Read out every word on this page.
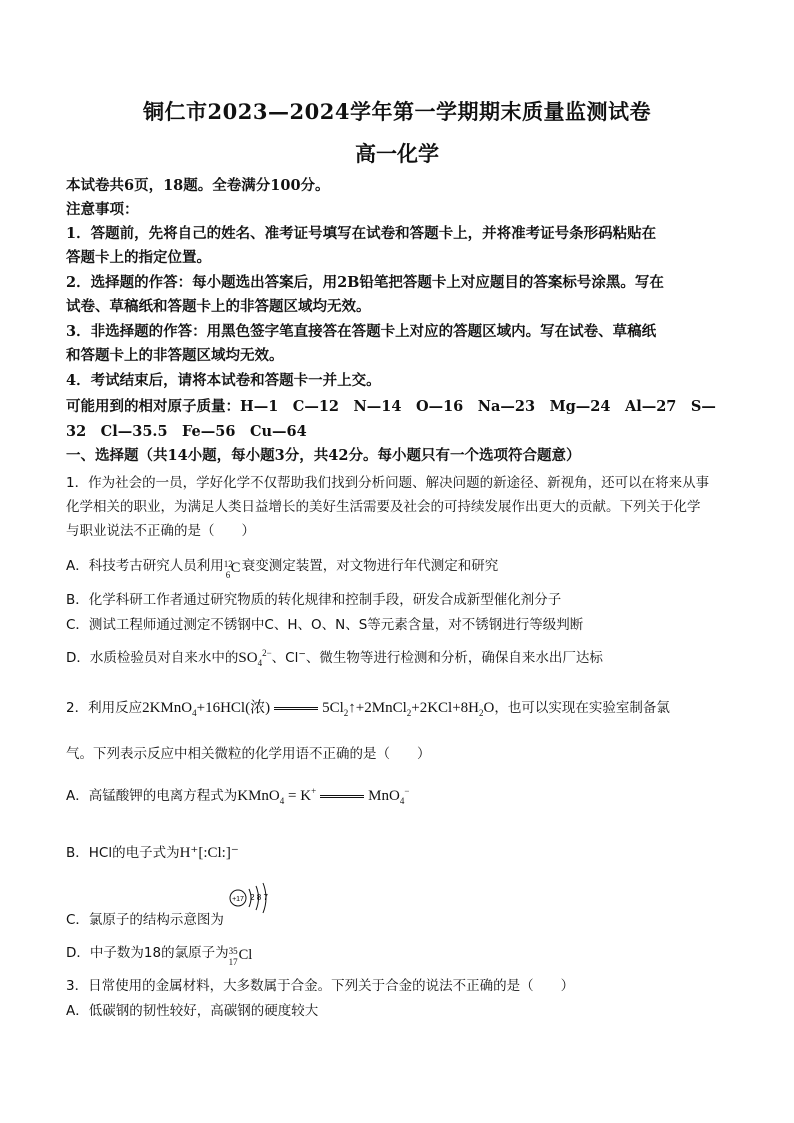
铜仁市2023—2024学年第一学期期末质量监测试卷
高一化学
本试卷共6页，18题。全卷满分100分。
注意事项：
1．答题前，先将自己的姓名、准考证号填写在试卷和答题卡上，并将准考证号条形码粘贴在
答题卡上的指定位置。
2．选择题的作答：每小题选出答案后，用2B铅笔把答题卡上对应题目的答案标号涂黑。写在
试卷、草稿纸和答题卡上的非答题区域均无效。
3．非选择题的作答：用黑色签字笔直接答在答题卡上对应的答题区域内。写在试卷、草稿纸
和答题卡上的非答题区域均无效。
4．考试结束后，请将本试卷和答题卡一并上交。
可能用到的相对原子质量：H—1　C—12　N—14　O—16　Na—23　Mg—24　Al—27　S—
32　Cl—35.5　Fe—56　Cu—64
一、选择题（共14小题，每小题3分，共42分。每小题只有一个选项符合题意）
1．作为社会的一员，学好化学不仅帮助我们找到分析问题、解决问题的新途径、新视角，还可以在将来从事
化学相关的职业，为满足人类日益增长的美好生活需要及社会的可持续发展作出更大的贡献。下列关于化学
与职业说法不正确的是（　　）
A．科技考古研究人员利用 12
6 C 衰变测定装置，对文物进行年代测定和研究
B．化学科研工作者通过研究物质的转化规律和控制手段，研发合成新型催化剂分子
C．测试工程师通过测定不锈钢中C、H、O、N、S等元素含量，对不锈钢进行等级判断
D．水质检验员对自来水中的$SO_4^{2-}$、Cl−、微生物等进行检测和分析，确保自来水出厂达标
2．利用反应2KMnO$_4$+16HCl(浓)	$5Cl_2↑+2MnCl_2+2KCl+8H_2O$，也可以实现在实验室制备氯
气。下列表示反应中相关微粒的化学用语不正确的是（　　）
A．高锰酸钾的电离方程式为KMnO$_4$ = K+	MnO$_4$−
B．HCl的电子式为H⁺[:Cl:]⁻
C．氯原子的结构示意图为
+17 2 8 7
D．中子数为18的氯原子为 35
17 Cl
3．日常使用的金属材料，大多数属于合金。下列关于合金的说法不正确的是（　　）
A．低碳钢的韧性较好，高碳钢的硬度较大
